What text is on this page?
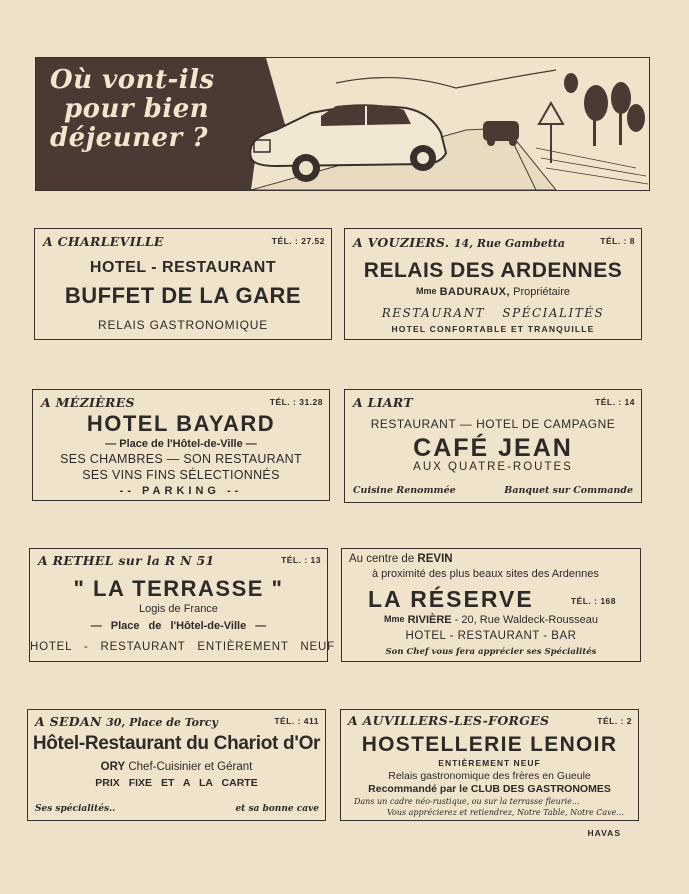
Où vont-ils
pour bien
déjeuner ?
A CHARLEVILLE	TÉL. : 27.52
HOTEL - RESTAURANT
BUFFET DE LA GARE
RELAIS GASTRONOMIQUE
A VOUZIERS. 14, Rue Gambetta	TÉL. : 8
RELAIS DES ARDENNES
$^{Mme}$ BADURAUX, Propriétaire
RESTAURANT SPÉCIALITÉS
HOTEL CONFORTABLE ET TRANQUILLE
A MÉZIÈRES	TÉL. : 31.28
HOTEL BAYARD
— Place de l'Hôtel-de-Ville —
SES CHAMBRES — SON RESTAURANT
SES VINS FINS SÉLECTIONNÉS
-- PARKING --
A LIART	TÉL. : 14
RESTAURANT — HOTEL DE CAMPAGNE
CAFÉ JEAN
AUX QUATRE-ROUTES
Cuisine Renommée	Banquet sur Commande
A RETHEL sur la R N 51	TÉL. : 13
" LA TERRASSE "
Logis de France
— Place de l'Hôtel-de-Ville —
HOTEL - RESTAURANT ENTIÈREMENT NEUF
Au centre de REVIN
à proximité des plus beaux sites des Ardennes
LA RÉSERVE	TÉL. : 168
$^{Mme}$ RIVIÈRE - 20, Rue Waldeck-Rousseau
HOTEL - RESTAURANT - BAR
Son Chef vous fera apprécier ses Spécialités
A SEDAN 30, Place de Torcy	TÉL. : 411
Hôtel-Restaurant du Chariot d'Or
ORY Chef-Cuisinier et Gérant
PRIX FIXE ET A LA CARTE
Ses spécialités..	et sa bonne cave
A AUVILLERS-LES-FORGES	TÉL. : 2
HOSTELLERIE LENOIR
ENTIÈREMENT NEUF
Relais gastronomique des frères en Gueule
Recommandé par le CLUB DES GASTRONOMES
Dans un cadre néo-rustique, ou sur la terrasse fleurie...
Vous apprécierez et retiendrez, Notre Table, Notre Cave...
HAVAS
